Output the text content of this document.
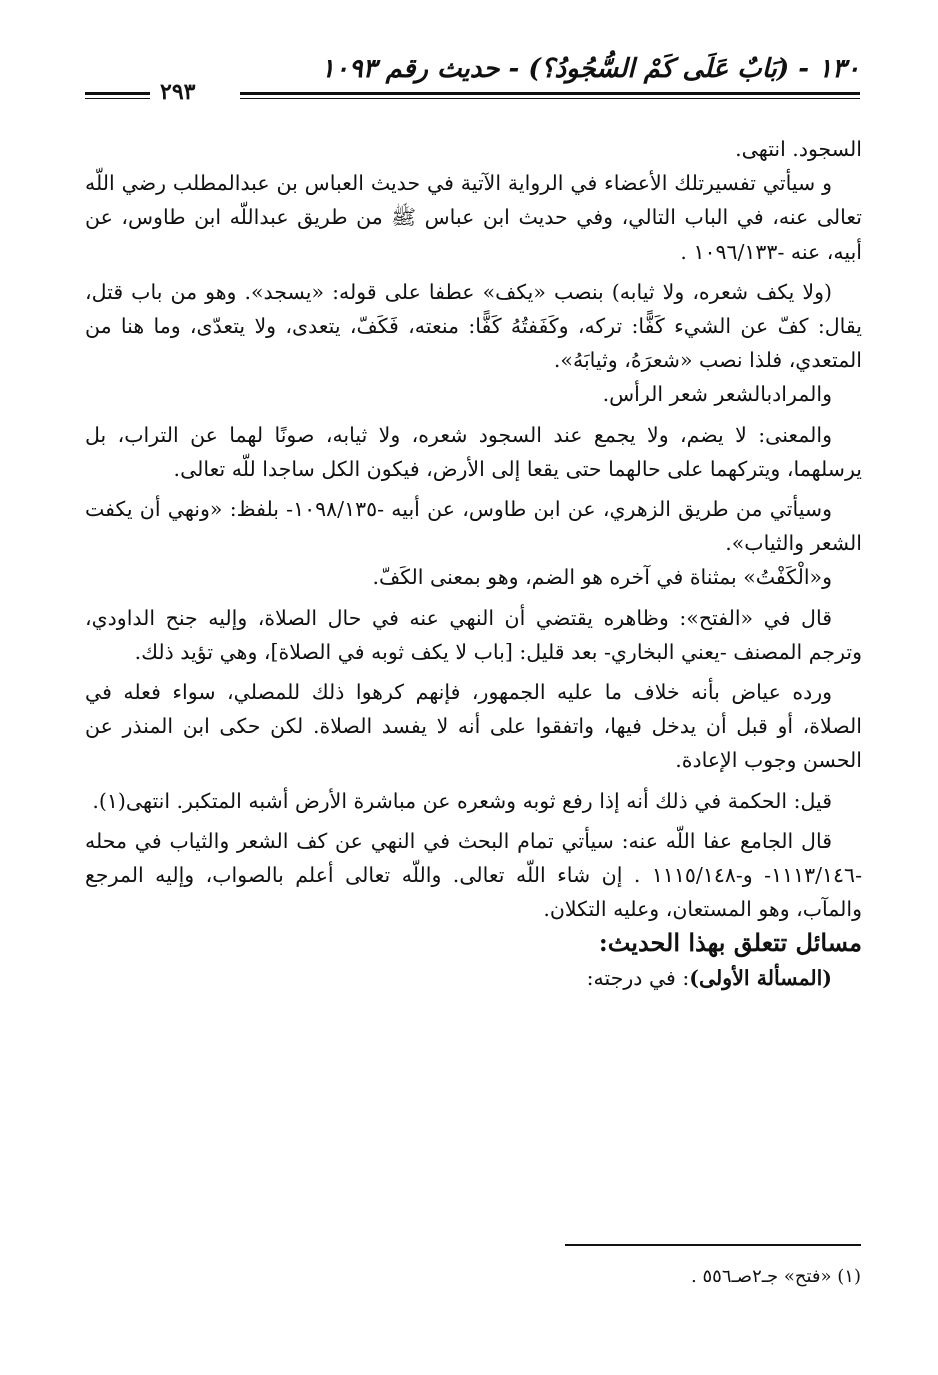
١٣٠ - (بَابٌ عَلَى كَمْ السُّجُودُ؟) - حديث رقم ١٠٩٣
٢٩٣

السجود. انتهى.

و سيأتي تفسيرتلك الأعضاء في الرواية الآتية في حديث العباس بن عبدالمطلب رضي اللّه تعالى عنه، في الباب التالي، وفي حديث ابن عباس ﷺ من طريق عبداللّه ابن طاوس، عن أبيه، عنه -١٠٩٦/١٣٣ .

(ولا يكف شعره، ولا ثيابه) بنصب «يكف» عطفا على قوله: «يسجد». وهو من باب قتل، يقال: كفّ عن الشيء كَفًّا: تركه، وكَفَفتُهُ كَفًّا: منعته، فَكَفّ، يتعدى، ولا يتعدّى، وما هنا من المتعدي، فلذا نصب «شعرَهُ، وثيابَهُ».

والمرادبالشعر شعر الرأس.

والمعنى: لا يضم، ولا يجمع عند السجود شعره، ولا ثيابه، صونًا لهما عن التراب، بل يرسلهما، ويتركهما على حالهما حتى يقعا إلى الأرض، فيكون الكل ساجدا للّه تعالى.

وسيأتي من طريق الزهري، عن ابن طاوس، عن أبيه -١٠٩٨/١٣٥- بلفظ: «ونهي أن يكفت الشعر والثياب».

و«الْكَفْتُ» بمثناة في آخره هو الضم، وهو بمعنى الكَفّ.

قال في «الفتح»: وظاهره يقتضي أن النهي عنه في حال الصلاة، وإليه جنح الداودي، وترجم المصنف -يعني البخاري- بعد قليل: [باب لا يكف ثوبه في الصلاة]، وهي تؤيد ذلك.

ورده عياض بأنه خلاف ما عليه الجمهور، فإنهم كرهوا ذلك للمصلي، سواء فعله في الصلاة، أو قبل أن يدخل فيها، واتفقوا على أنه لا يفسد الصلاة. لكن حكى ابن المنذر عن الحسن وجوب الإعادة.

قيل: الحكمة في ذلك أنه إذا رفع ثوبه وشعره عن مباشرة الأرض أشبه المتكبر. انتهى(١).

قال الجامع عفا اللّه عنه: سيأتي تمام البحث في النهي عن كف الشعر والثياب في محله -١١١٣/١٤٦- و-١١١٥/١٤٨ . إن شاء اللّه تعالى. واللّه تعالى أعلم بالصواب، وإليه المرجع والمآب، وهو المستعان، وعليه التكلان.

مسائل تتعلق بهذا الحديث:

(المسألة الأولى): في درجته:

(١) «فتح» جـ٢صـ٥٥٦ .
